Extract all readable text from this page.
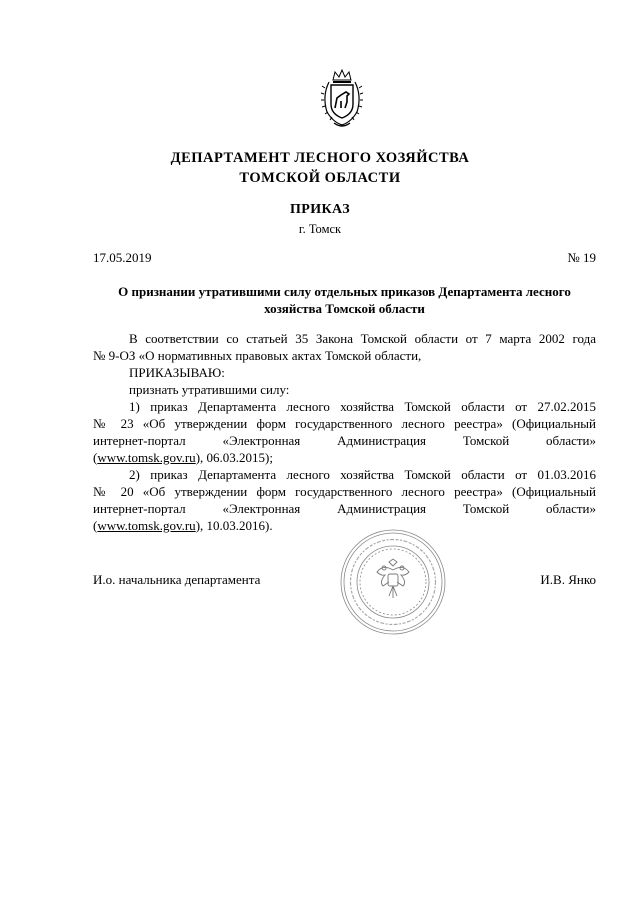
ДЕПАРТАМЕНТ ЛЕСНОГО ХОЗЯЙСТВА
ТОМСКОЙ ОБЛАСТИ
ПРИКАЗ
г. Томск
17.05.2019	№ 19
О признании утратившими силу отдельных приказов Департамента лесного
хозяйства Томской области

В соответствии со статьей 35 Закона Томской области от 7 марта 2002 года

№ 9-ОЗ «О нормативных правовых актах Томской области,

ПРИКАЗЫВАЮ:

признать утратившими силу:

1) приказ Департамента лесного хозяйства Томской области от 27.02.2015

№ 23 «Об утверждении форм государственного лесного реестра» (Официальный
интернет-портал «Электронная Администрация Томской области»
(www.tomsk.gov.ru), 06.03.2015);

2) приказ Департамента лесного хозяйства Томской области от 01.03.2016

№ 20 «Об утверждении форм государственного лесного реестра» (Официальный
интернет-портал «Электронная Администрация Томской области»
(www.tomsk.gov.ru), 10.03.2016).
И.о. начальника департамента	И.В. Янко
